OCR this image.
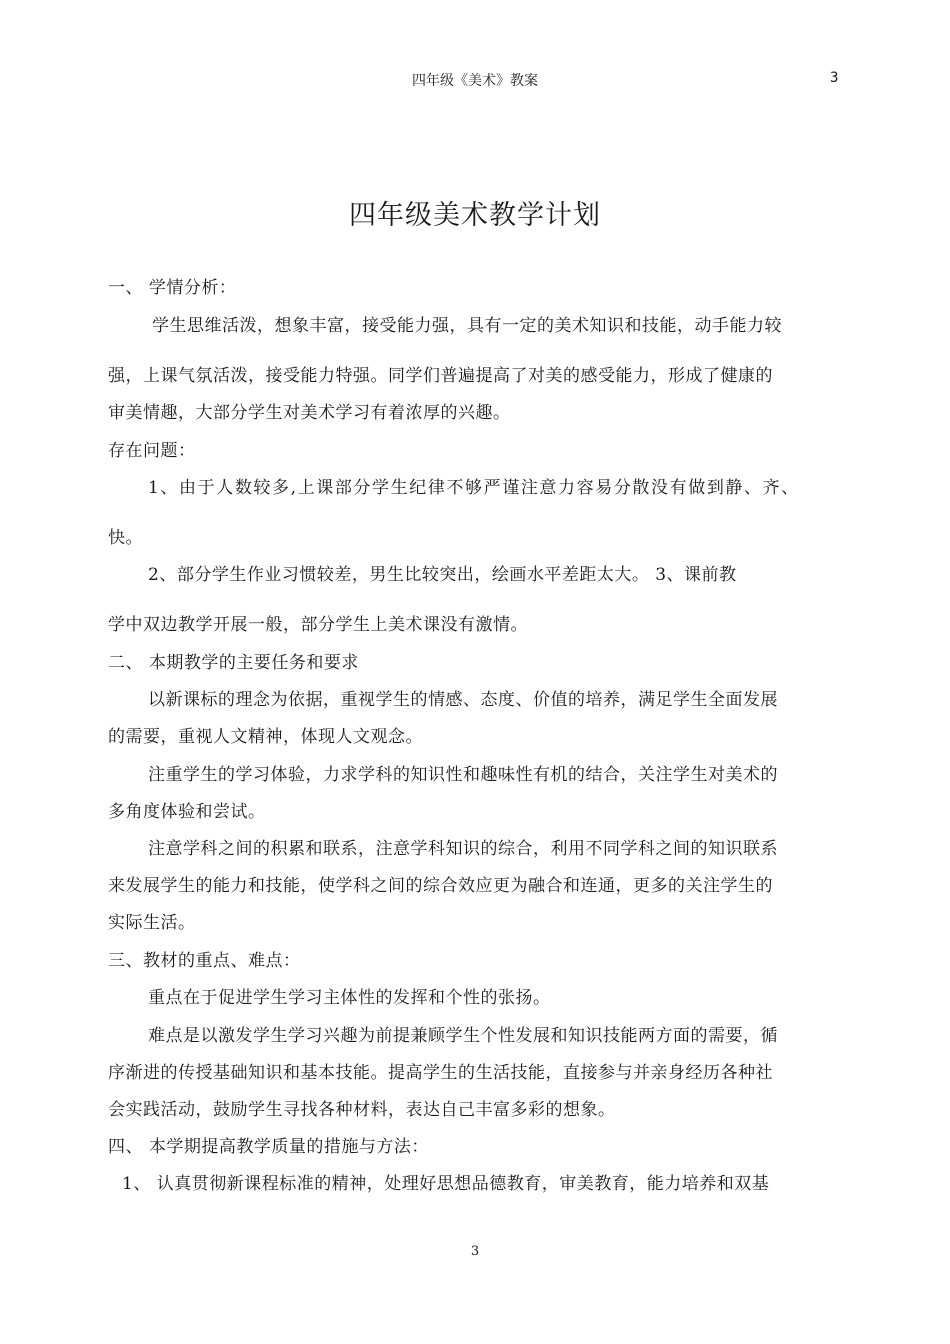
四年级《美术》教案	3
四年级美术教学计划
一、 学情分析：
学生思维活泼，想象丰富，接受能力强，具有一定的美术知识和技能，动手能力较
强，上课气氛活泼，接受能力特强。同学们普遍提高了对美的感受能力，形成了健康的
审美情趣，大部分学生对美术学习有着浓厚的兴趣。
存在问题：
1、由于人数较多,上课部分学生纪律不够严谨注意力容易分散没有做到静、齐、
快。
2、部分学生作业习惯较差，男生比较突出，绘画水平差距太大。 3、课前教
学中双边教学开展一般，部分学生上美术课没有激情。
二、 本期教学的主要任务和要求
以新课标的理念为依据，重视学生的情感、态度、价值的培养，满足学生全面发展
的需要，重视人文精神，体现人文观念。
注重学生的学习体验，力求学科的知识性和趣味性有机的结合，关注学生对美术的
多角度体验和尝试。
注意学科之间的积累和联系，注意学科知识的综合，利用不同学科之间的知识联系
来发展学生的能力和技能，使学科之间的综合效应更为融合和连通，更多的关注学生的
实际生活。
三、教材的重点、难点：
重点在于促进学生学习主体性的发挥和个性的张扬。
难点是以激发学生学习兴趣为前提兼顾学生个性发展和知识技能两方面的需要，循
序渐进的传授基础知识和基本技能。提高学生的生活技能，直接参与并亲身经历各种社
会实践活动，鼓励学生寻找各种材料，表达自己丰富多彩的想象。
四、 本学期提高教学质量的措施与方法：
1、 认真贯彻新课程标准的精神，处理好思想品德教育，审美教育，能力培养和双基
3
